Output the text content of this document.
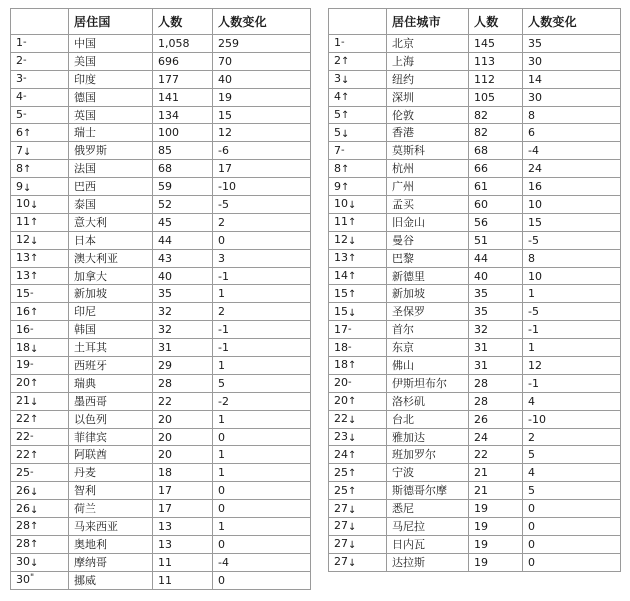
	居住国	人数	人数变化
1-	中国	1,058	259
2-	美国	696	70
3-	印度	177	40
4-	德国	141	19
5-	英国	134	15
6↑	瑞士	100	12
7↓	俄罗斯	85	-6
8↑	法国	68	17
9↓	巴西	59	-10
10↓	泰国	52	-5
11↑	意大利	45	2
12↓	日本	44	0
13↑	澳大利亚	43	3
13↑	加拿大	40	-1
15-	新加坡	35	1
16↑	印尼	32	2
16-	韩国	32	-1
18↓	土耳其	31	-1
19-	西班牙	29	1
20↑	瑞典	28	5
21↓	墨西哥	22	-2
22↑	以色列	20	1
22-	菲律宾	20	0
22↑	阿联酋	20	1
25-	丹麦	18	1
26↓	智利	17	0
26↓	荷兰	17	0
28↑	马来西亚	13	1
28↑	奥地利	13	0
30↓	摩纳哥	11	-4
30"	挪威	11	0
	居住城市	人数	人数变化
1-	北京	145	35
2↑	上海	113	30
3↓	纽约	112	14
4↑	深圳	105	30
5↑	伦敦	82	8
5↓	香港	82	6
7-	莫斯科	68	-4
8↑	杭州	66	24
9↑	广州	61	16
10↓	孟买	60	10
11↑	旧金山	56	15
12↓	曼谷	51	-5
13↑	巴黎	44	8
14↑	新德里	40	10
15↑	新加坡	35	1
15↓	圣保罗	35	-5
17-	首尔	32	-1
18-	东京	31	1
18↑	佛山	31	12
20-	伊斯坦布尔	28	-1
20↑	洛杉矶	28	4
22↓	台北	26	-10
23↓	雅加达	24	2
24↑	班加罗尔	22	5
25↑	宁波	21	4
25↑	斯德哥尔摩	21	5
27↓	悉尼	19	0
27↓	马尼拉	19	0
27↓	日内瓦	19	0
27↓	达拉斯	19	0
